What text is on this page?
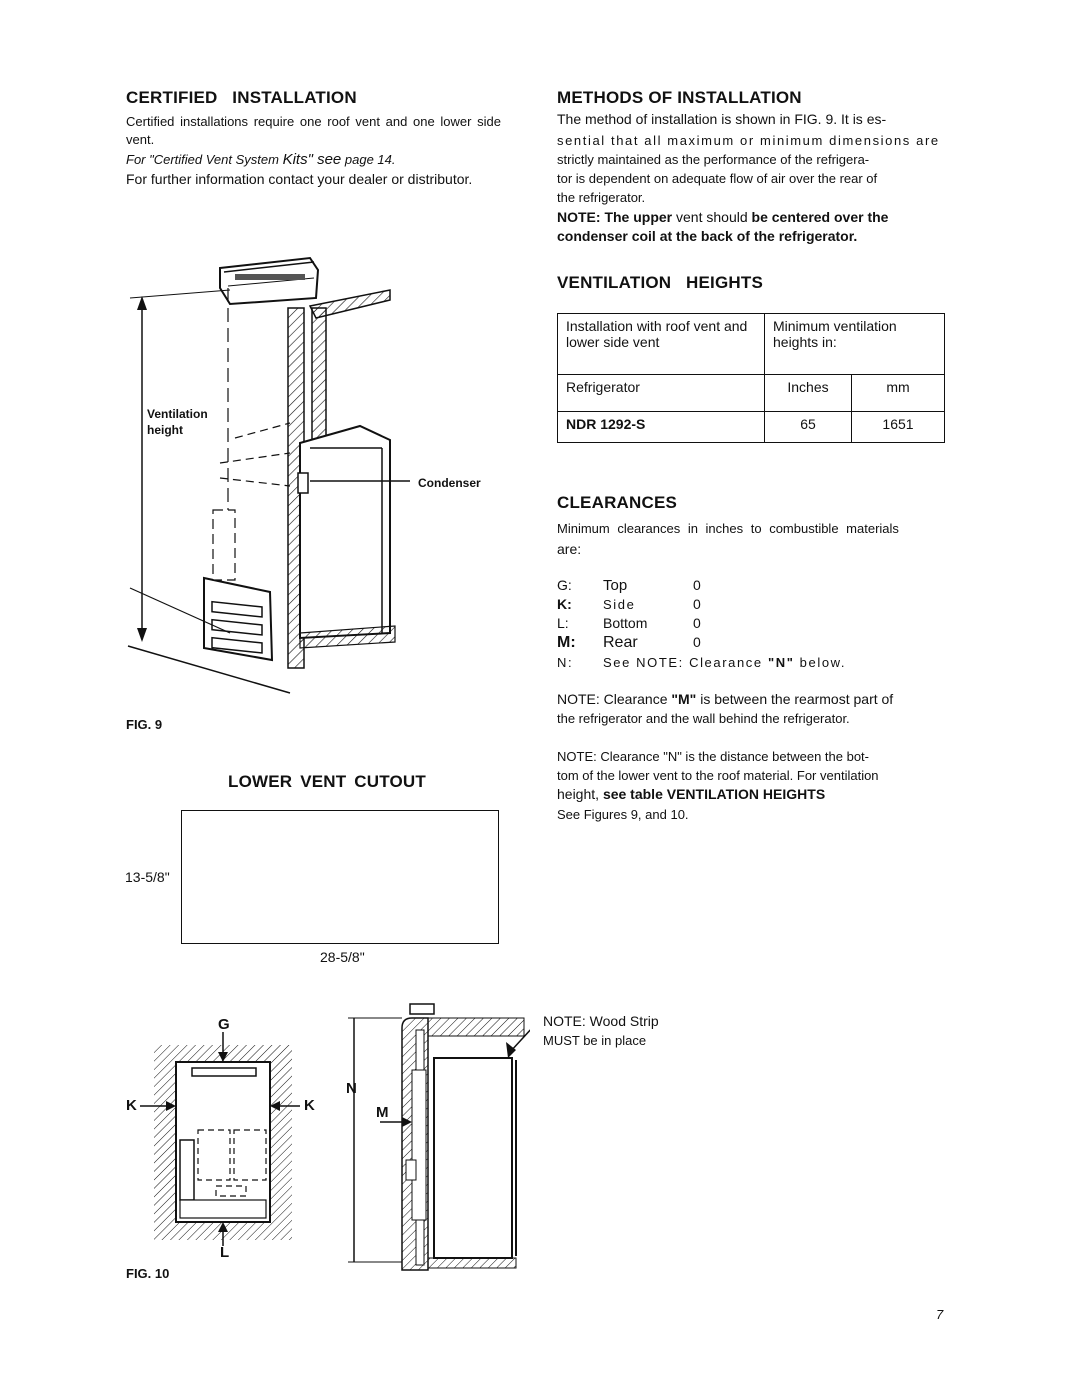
CERTIFIED   INSTALLATION
Certified installations require one roof vent and one lower side vent.
For "Certified Vent System Kits" see page 14.
For further information contact your dealer or distributor.
Ventilation
height
Condenser
FIG. 9
LOWER VENT CUTOUT
13-5/8"
28-5/8"
G
K	K
L
N
M
NOTE: Wood Strip
MUST be in place
FIG. 10
METHODS OF INSTALLATION
The method of installation is shown in FIG. 9. It is es-
sential that all maximum or minimum dimensions are
strictly maintained as the performance of the refrigera-
tor is dependent on adequate flow of air over the rear of
the refrigerator.
NOTE: The upper vent should be centered over the condenser coil at the back of the refrigerator.
VENTILATION   HEIGHTS
Installation with roof vent and lower side vent	Minimum ventilation heights in:	
Refrigerator	Inches	mm
NDR 1292-S	65	1651
CLEARANCES
Minimum clearances in inches to combustible materials
are:
G: Top	0
K: Side	0
L: Bottom	0
M: Rear	0
N: See NOTE: Clearance "N" below.
NOTE: Clearance "M" is between the rearmost part of
the refrigerator and the wall behind the refrigerator.
NOTE: Clearance "N" is the distance between the bot-
tom of the lower vent to the roof material. For ventilation
height, see table VENTILATION HEIGHTS
See Figures 9, and 10.
7
